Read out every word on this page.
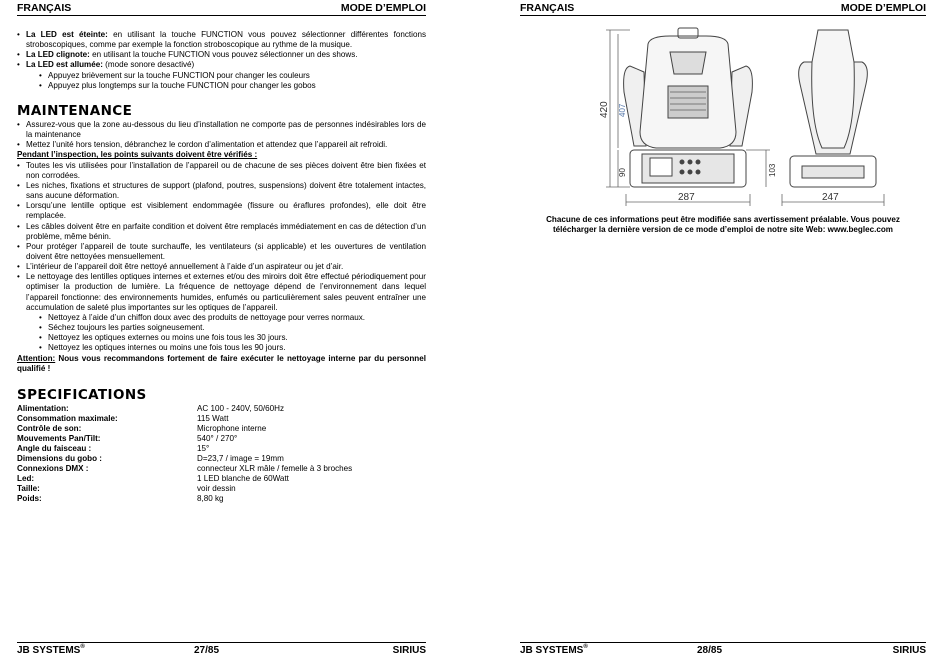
FRANÇAIS	MODE D’EMPLOI
• La LED est éteinte: en utilisant la touche FUNCTION vous pouvez sélectionner différentes fonctions stroboscopiques, comme par exemple la fonction stroboscopique au rythme de la musique.
• La LED clignote: en utilisant la touche FUNCTION vous pouvez sélectionner un des shows.
• La LED est allumée: (mode sonore desactivé)
• Appuyez brièvement sur la touche FUNCTION pour changer les couleurs
• Appuyez plus longtemps sur la touche FUNCTION pour changer les gobos
MAINTENANCE
• Assurez-vous que la zone au-dessous du lieu d’installation ne comporte pas de personnes indésirables lors de la maintenance
• Mettez l’unité hors tension, débranchez le cordon d’alimentation et attendez que l’appareil ait refroidi.
Pendant l’inspection, les points suivants doivent être vérifiés :
• Toutes les vis utilisées pour l’installation de l’appareil ou de chacune de ses pièces doivent être bien fixées et non corrodées.
• Les niches, fixations et structures de support (plafond, poutres, suspensions) doivent être totalement intactes, sans aucune déformation.
• Lorsqu’une lentille optique est visiblement endommagée (fissure ou éraflures profondes), elle doit être remplacée.
• Les câbles doivent être en parfaite condition et doivent être remplacés immédiatement en cas de détection d’un problème, même bénin.
• Pour protéger l’appareil de toute surchauffe, les ventilateurs (si applicable) et les ouvertures de ventilation doivent être nettoyées mensuellement.
• L’intérieur de l’appareil doit être nettoyé annuellement à l’aide d’un aspirateur ou jet d’air.
• Le nettoyage des lentilles optiques internes et externes et/ou des miroirs doit être effectué périodiquement pour optimiser la production de lumière. La fréquence de nettoyage dépend de l’environnement dans lequel l’appareil fonctionne: des environnements humides, enfumés ou particulièrement sales peuvent entraîner une accumulation de saleté plus importantes sur les optiques de l’appareil.
• Nettoyez à l’aide d’un chiffon doux avec des produits de nettoyage pour verres normaux.
• Séchez toujours les parties soigneusement.
• Nettoyez les optiques externes ou moins une fois tous les 30 jours.
• Nettoyez les optiques internes ou moins une fois tous les 90 jours.
Attention: Nous vous recommandons fortement de faire exécuter le nettoyage interne par du personnel qualifié !
SPECIFICATIONS
Alimentation:	AC 100 - 240V, 50/60Hz
Consommation maximale:	115 Watt
Contrôle de son:	Microphone interne
Mouvements Pan/Tilt:	540° / 270°
Angle du faisceau :	15°
Dimensions du gobo :	D=23,7 / image = 19mm
Connexions DMX :	connecteur XLR mâle / femelle à 3 broches
Led:	1 LED blanche de 60Watt
Taille:	voir dessin
Poids:	8,80 kg
JB SYSTEMS®	27/85	SIRIUS
FRANÇAIS	MODE D’EMPLOI
420 407
90	103
287	247
Chacune de ces informations peut être modifiée sans avertissement préalable. Vous pouvez
télécharger la dernière version de ce mode d’emploi de notre site Web: www.beglec.com
JB SYSTEMS®	28/85	SIRIUS
